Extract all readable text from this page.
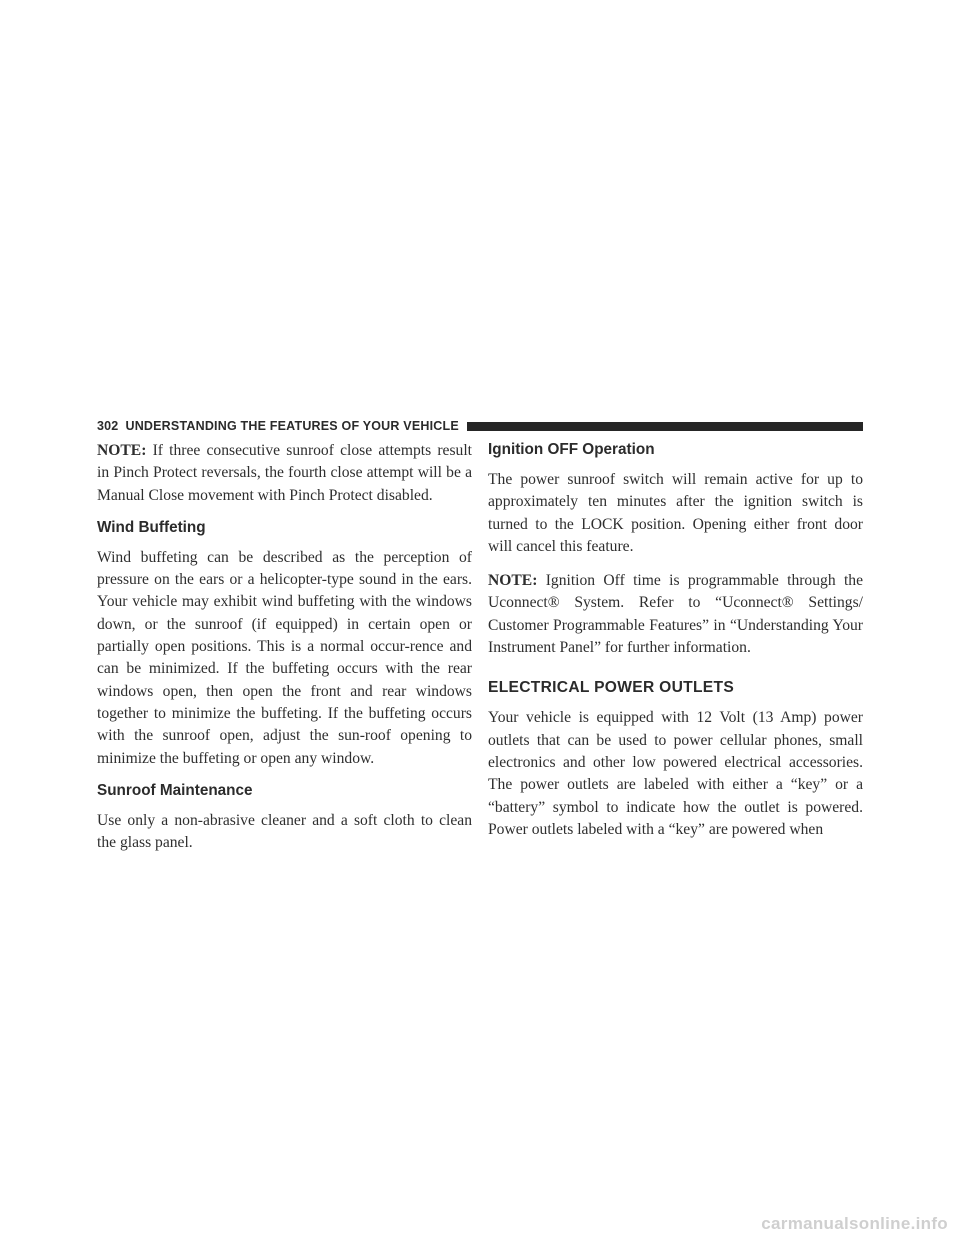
302 UNDERSTANDING THE FEATURES OF YOUR VEHICLE

NOTE: If three consecutive sunroof close attempts result in Pinch Protect reversals, the fourth close attempt will be a Manual Close movement with Pinch Protect disabled.

Wind Buffeting

Wind buffeting can be described as the perception of pressure on the ears or a helicopter-type sound in the ears. Your vehicle may exhibit wind buffeting with the windows down, or the sunroof (if equipped) in certain open or partially open positions. This is a normal occur-rence and can be minimized. If the buffeting occurs with the rear windows open, then open the front and rear windows together to minimize the buffeting. If the buffeting occurs with the sunroof open, adjust the sun-roof opening to minimize the buffeting or open any window.

Sunroof Maintenance

Use only a non-abrasive cleaner and a soft cloth to clean the glass panel.

Ignition OFF Operation

The power sunroof switch will remain active for up to approximately ten minutes after the ignition switch is turned to the LOCK position. Opening either front door will cancel this feature.

NOTE: Ignition Off time is programmable through the Uconnect® System. Refer to “Uconnect® Settings/ Customer Programmable Features” in “Understanding Your Instrument Panel” for further information.

ELECTRICAL POWER OUTLETS

Your vehicle is equipped with 12 Volt (13 Amp) power outlets that can be used to power cellular phones, small electronics and other low powered electrical accessories. The power outlets are labeled with either a “key” or a “battery” symbol to indicate how the outlet is powered. Power outlets labeled with a “key” are powered when

carmanualsonline.info
